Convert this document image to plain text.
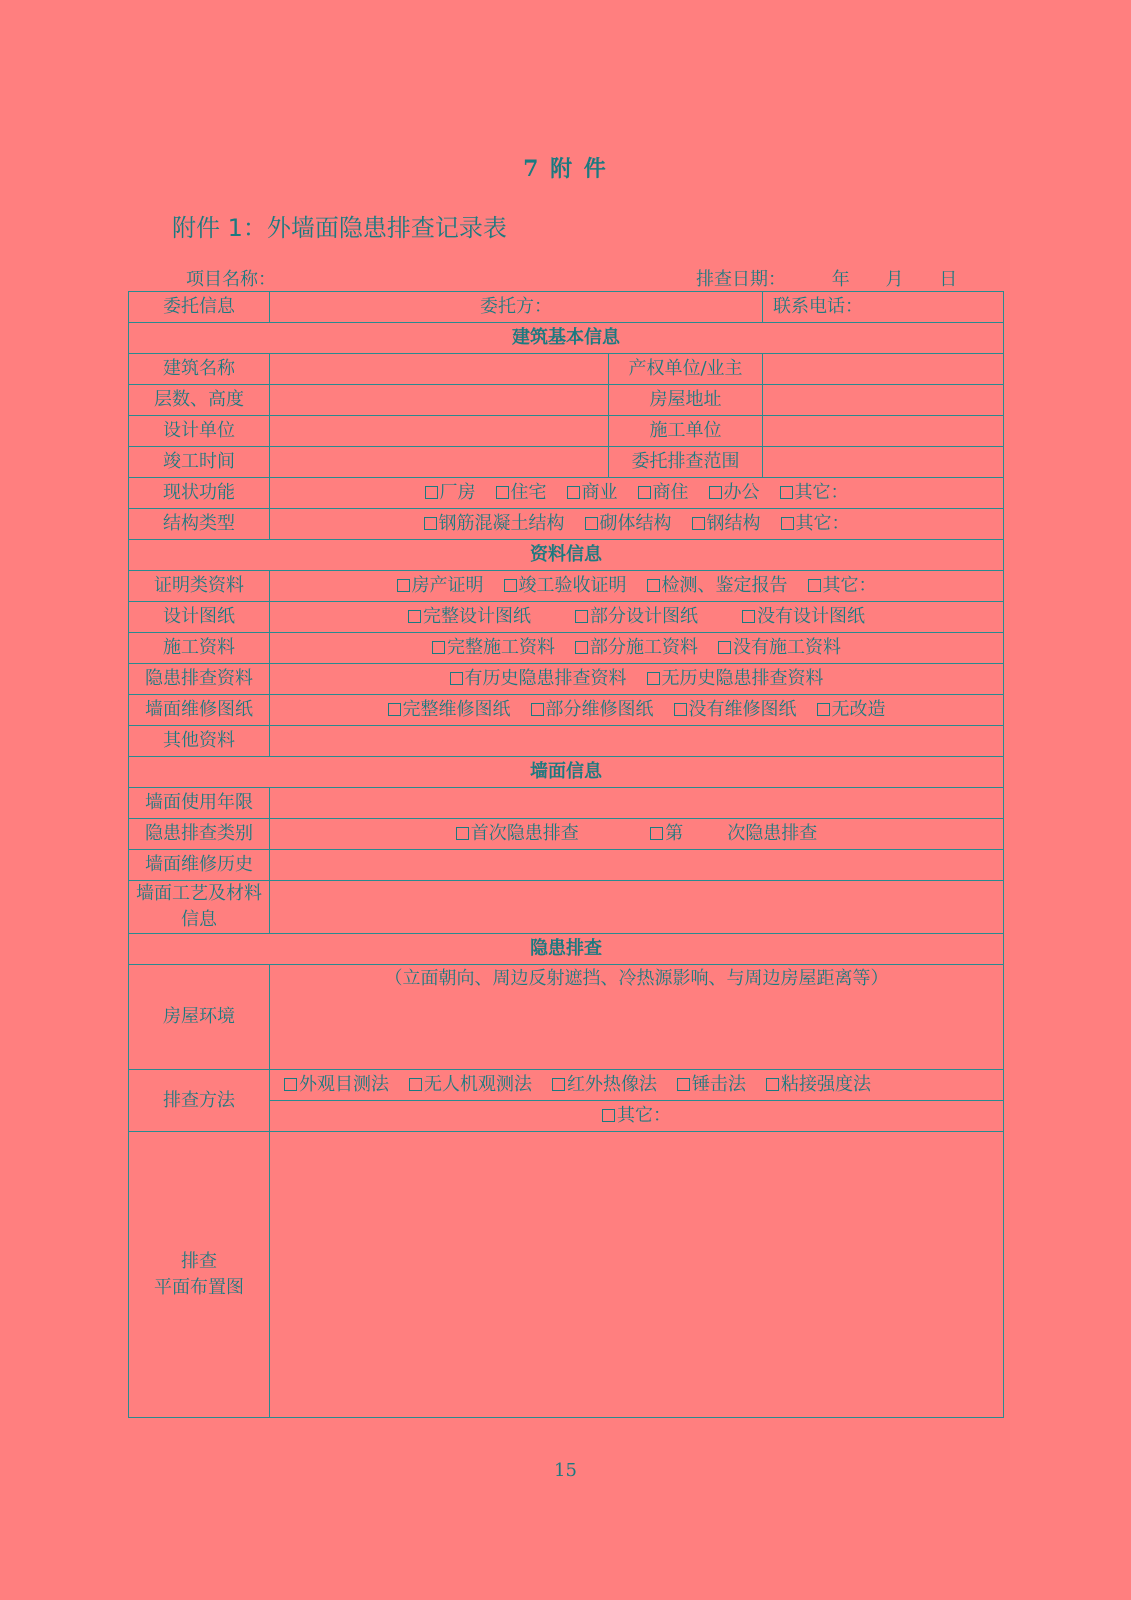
7 附 件
附件 1：外墙面隐患排查记录表
项目名称：	排查日期：	年 月 日
委托信息	委托方：		联系电话：
建筑基本信息			
建筑名称		产权单位/业主	
层数、高度		房屋地址	
设计单位		施工单位	
竣工时间		委托排查范围	
现状功能	厂房 住宅 商业 商住 办公 其它：		
结构类型	钢筋混凝土结构 砌体结构 钢结构 其它：		
资料信息			
证明类资料	房产证明 竣工验收证明 检测、鉴定报告 其它：		
设计图纸	完整设计图纸 部分设计图纸 没有设计图纸		
施工资料	完整施工资料 部分施工资料 没有施工资料		
隐患排查资料	有历史隐患排查资料 无历史隐患排查资料		
墙面维修图纸	完整维修图纸 部分维修图纸 没有维修图纸 无改造		
其他资料			
墙面信息			
墙面使用年限			
隐患排查类别	首次隐患排查 第 次隐患排查		
墙面维修历史			
墙面工艺及材料信息			
隐患排查			
房屋环境	（立面朝向、周边反射遮挡、冷热源影响、与周边房屋距离等）		
排查方法	外观目测法 无人机观测法 红外热像法 锤击法 粘接强度法		
	其它：		

排查
平面布置图			

15
